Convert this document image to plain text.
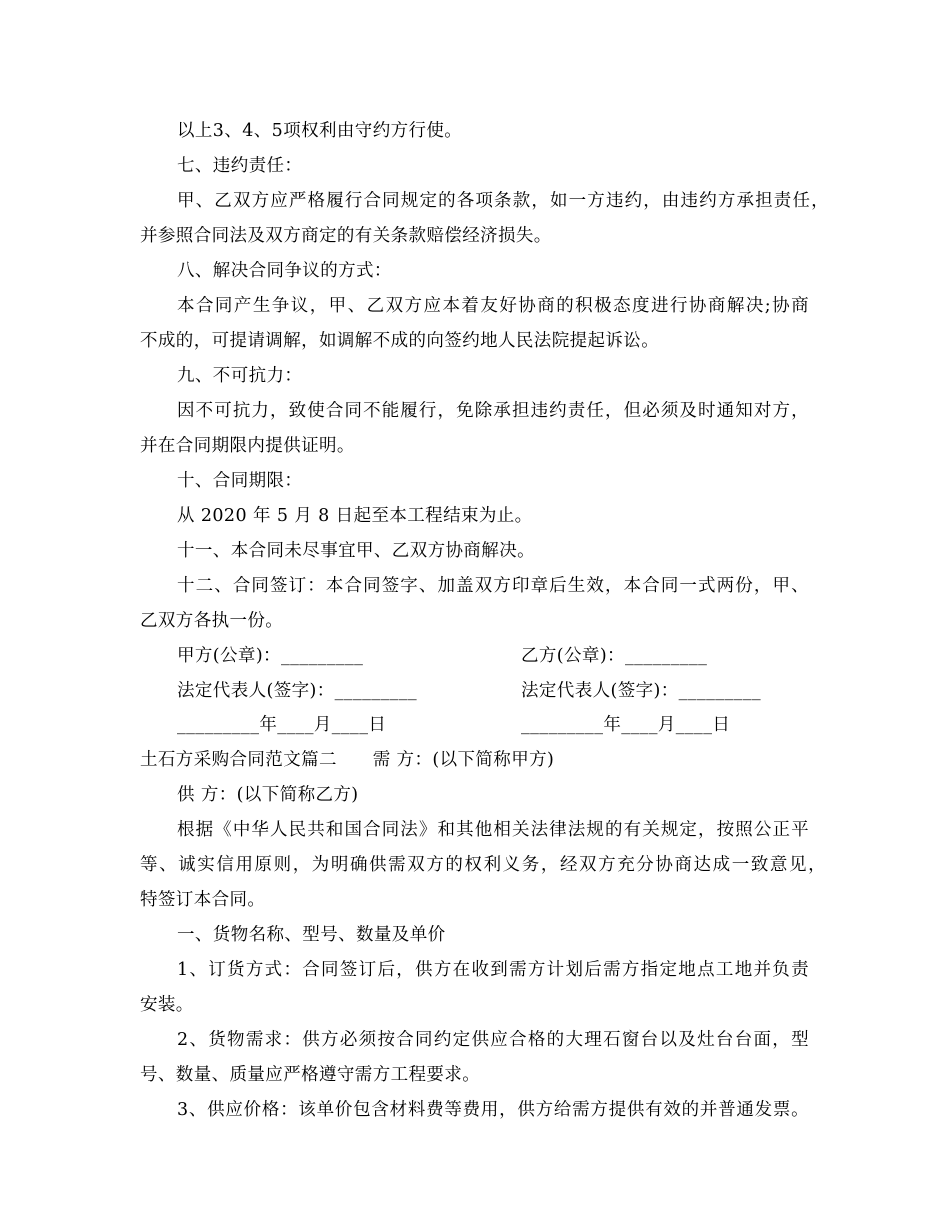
以上3、4、5项权利由守约方行使。
七、违约责任：
甲、乙双方应严格履行合同规定的各项条款，如一方违约，由违约方承担责任，
并参照合同法及双方商定的有关条款赔偿经济损失。
八、解决合同争议的方式：
本合同产生争议，甲、乙双方应本着友好协商的积极态度进行协商解决;协商
不成的，可提请调解，如调解不成的向签约地人民法院提起诉讼。
九、不可抗力：
因不可抗力，致使合同不能履行，免除承担违约责任，但必须及时通知对方，
并在合同期限内提供证明。
十、合同期限：
从 2020 年 5 月 8 日起至本工程结束为止。
十一、本合同未尽事宜甲、乙双方协商解决。
十二、合同签订：本合同签字、加盖双方印章后生效，本合同一式两份，甲、
乙双方各执一份。
甲方(公章)：_________	乙方(公章)：_________
法定代表人(签字)：_________	法定代表人(签字)：_________
_________年____月____日	_________年____月____日
土石方采购合同范文篇二　　需 方：(以下简称甲方)
供 方：(以下简称乙方)
根据《中华人民共和国合同法》和其他相关法律法规的有关规定，按照公正平
等、诚实信用原则，为明确供需双方的权利义务，经双方充分协商达成一致意见，
特签订本合同。
一、货物名称、型号、数量及单价
1、订货方式：合同签订后，供方在收到需方计划后需方指定地点工地并负责
安装。
2、货物需求：供方必须按合同约定供应合格的大理石窗台以及灶台台面，型
号、数量、质量应严格遵守需方工程要求。
3、供应价格：该单价包含材料费等费用，供方给需方提供有效的并普通发票。
